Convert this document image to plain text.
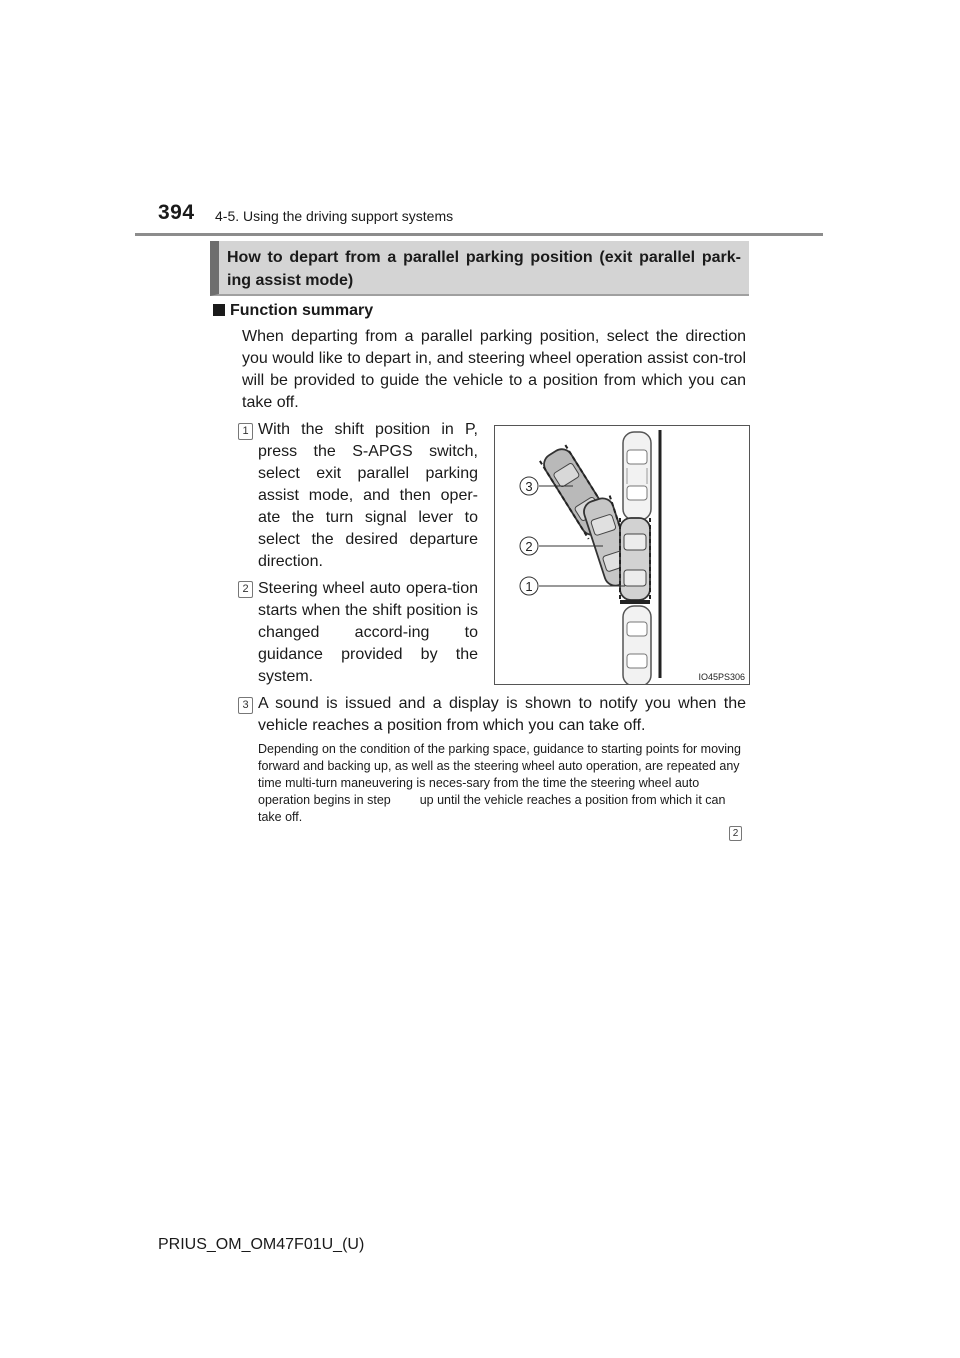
394 4-5. Using the driving support systems
How to depart from a parallel parking position (exit parallel park-ing assist mode)
Function summary
When departing from a parallel parking position, select the direction you would like to depart in, and steering wheel operation assist con-trol will be provided to guide the vehicle to a position from which you can take off.
1 With the shift position in P, press the S-APGS switch, select exit parallel parking assist mode, and then oper-ate the turn signal lever to select the desired departure direction.
2 Steering wheel auto opera-tion starts when the shift position is changed accord-ing to guidance provided by the system.
3 A sound is issued and a display is shown to notify you when the vehicle reaches a position from which you can take off.
Depending on the condition of the parking space, guidance to starting points for moving forward and backing up, as well as the steering wheel auto operation, are repeated any time multi-turn maneuvering is neces-sary from the time the steering wheel auto operation begins in step up until the vehicle reaches a position from which it can take off.
2
3
2
1
IO45PS306
PRIUS_OM_OM47F01U_(U)
